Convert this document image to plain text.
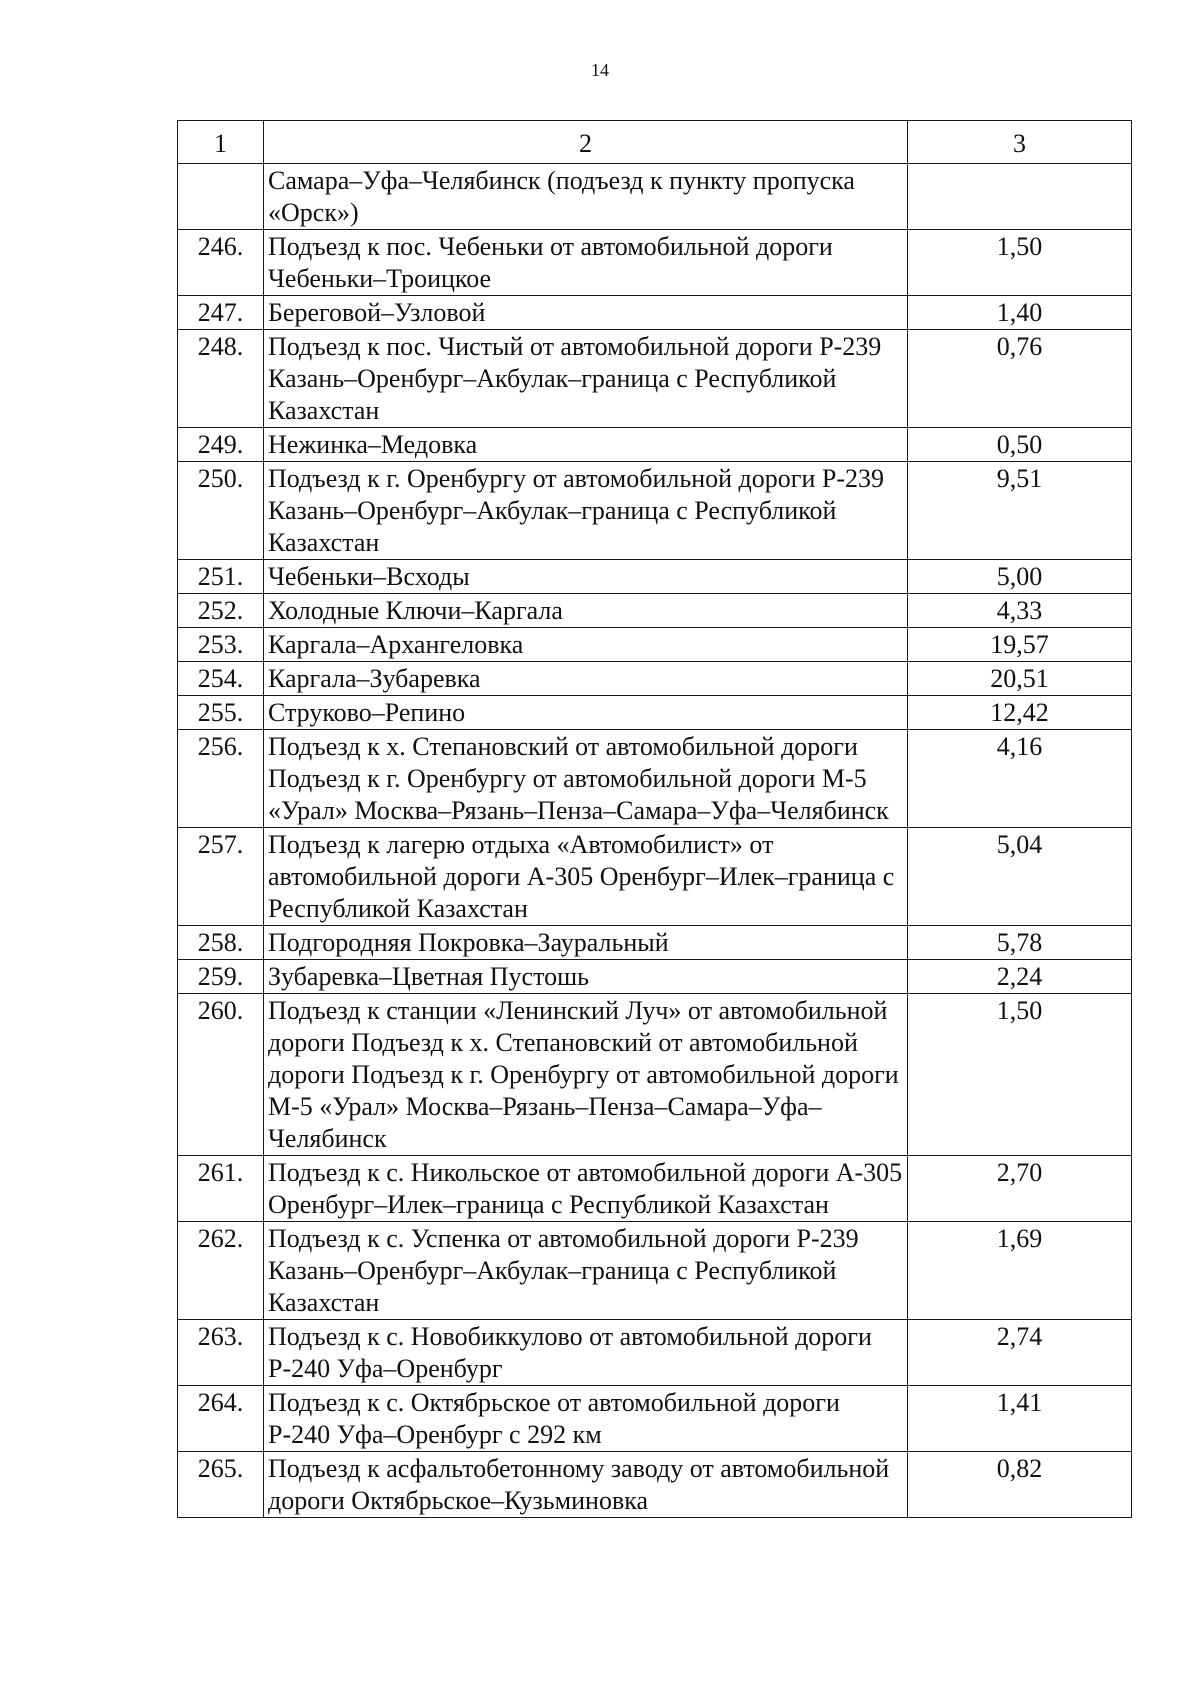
14
1	2	3
	Самара–Уфа–Челябинск (подъезд к пункту пропуска «Орск»)	
246.	Подъезд к пос. Чебеньки от автомобильной дороги Чебеньки–Троицкое	1,50
247.	Береговой–Узловой	1,40
248.	Подъезд к пос. Чистый от автомобильной дороги Р-239 Казань–Оренбург–Акбулак–граница с Республикой Казахстан	0,76
249.	Нежинка–Медовка	0,50
250.	Подъезд к г. Оренбургу от автомобильной дороги Р-239 Казань–Оренбург–Акбулак–граница с Республикой Казахстан	9,51
251.	Чебеньки–Всходы	5,00
252.	Холодные Ключи–Каргала	4,33
253.	Каргала–Архангеловка	19,57
254.	Каргала–Зубаревка	20,51
255.	Струково–Репино	12,42
256.	Подъезд к х. Степановский от автомобильной дороги Подъезд к г. Оренбургу от автомобильной дороги М-5 «Урал» Москва–Рязань–Пенза–Самара–Уфа–Челябинск	4,16
257.	Подъезд к лагерю отдыха «Автомобилист» от автомобильной дороги А-305 Оренбург–Илек–граница с Республикой Казахстан	5,04
258.	Подгородняя Покровка–Зауральный	5,78
259.	Зубаревка–Цветная Пустошь	2,24
260.	Подъезд к станции «Ленинский Луч» от автомобильной дороги Подъезд к х. Степановский от автомобильной дороги Подъезд к г. Оренбургу от автомобильной дороги М-5 «Урал» Москва–Рязань–Пенза–Самара–Уфа–Челябинск	1,50
261.	Подъезд к с. Никольское от автомобильной дороги А-305 Оренбург–Илек–граница с Республикой Казахстан	2,70
262.	Подъезд к с. Успенка от автомобильной дороги Р-239 Казань–Оренбург–Акбулак–граница с Республикой Казахстан	1,69
263.	Подъезд к с. Новобиккулово от автомобильной дороги Р-240 Уфа–Оренбург	2,74
264.	Подъезд к с. Октябрьское от автомобильной дороги Р-240 Уфа–Оренбург с 292 км	1,41
265.	Подъезд к асфальтобетонному заводу от автомобильной дороги Октябрьское–Кузьминовка	0,82
